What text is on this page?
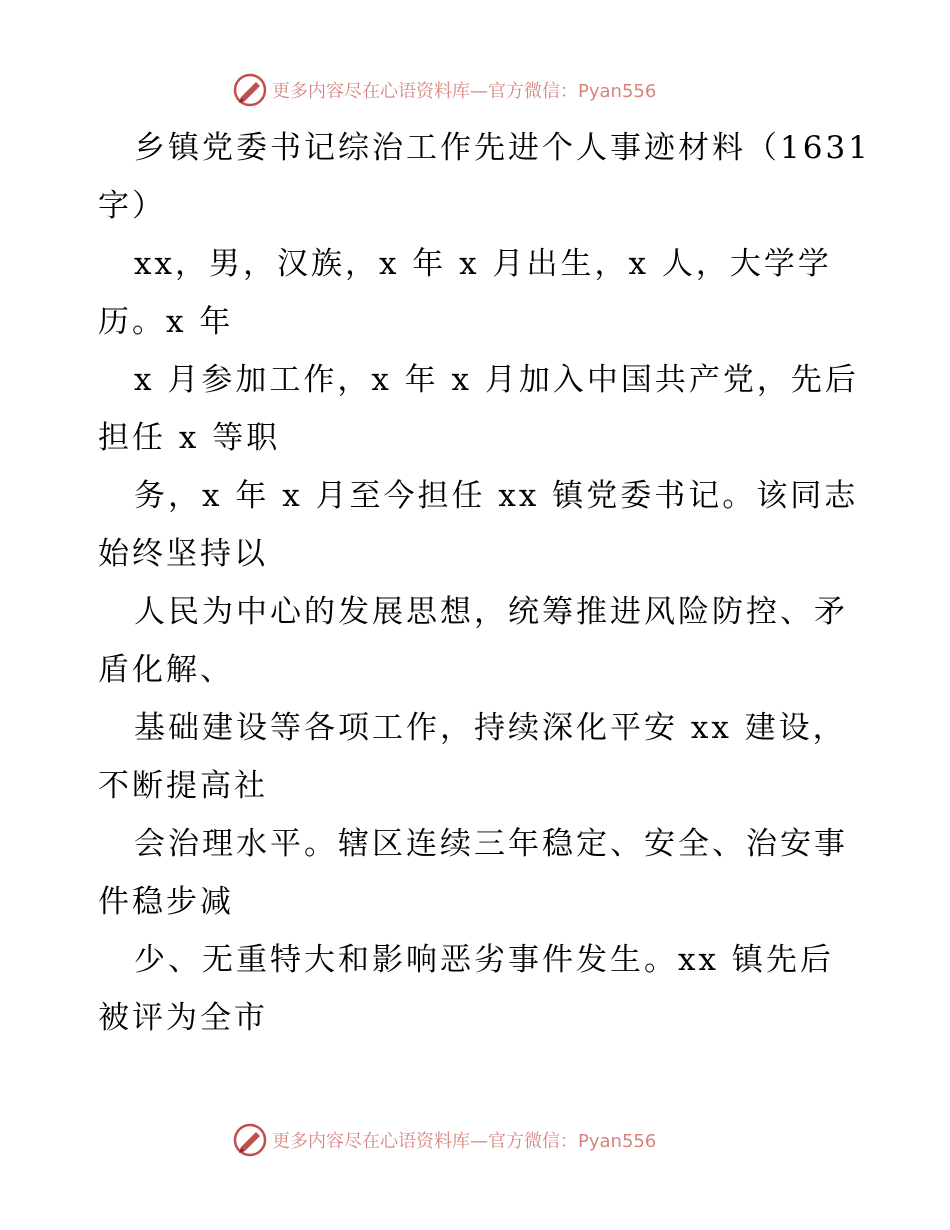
更多内容尽在心语资料库—官方微信：Pyan556
乡镇党委书记综治工作先进个人事迹材料（1631
字）
xx，男，汉族，x 年 x 月出生，x 人，大学学
历。x 年
x 月参加工作，x 年 x 月加入中国共产党，先后
担任 x 等职
务，x 年 x 月至今担任 xx 镇党委书记。该同志
始终坚持以
人民为中心的发展思想，统筹推进风险防控、矛
盾化解、
基础建设等各项工作，持续深化平安 xx 建设，
不断提高社
会治理水平。辖区连续三年稳定、安全、治安事
件稳步减
少、无重特大和影响恶劣事件发生。xx 镇先后
被评为全市
更多内容尽在心语资料库—官方微信：Pyan556
